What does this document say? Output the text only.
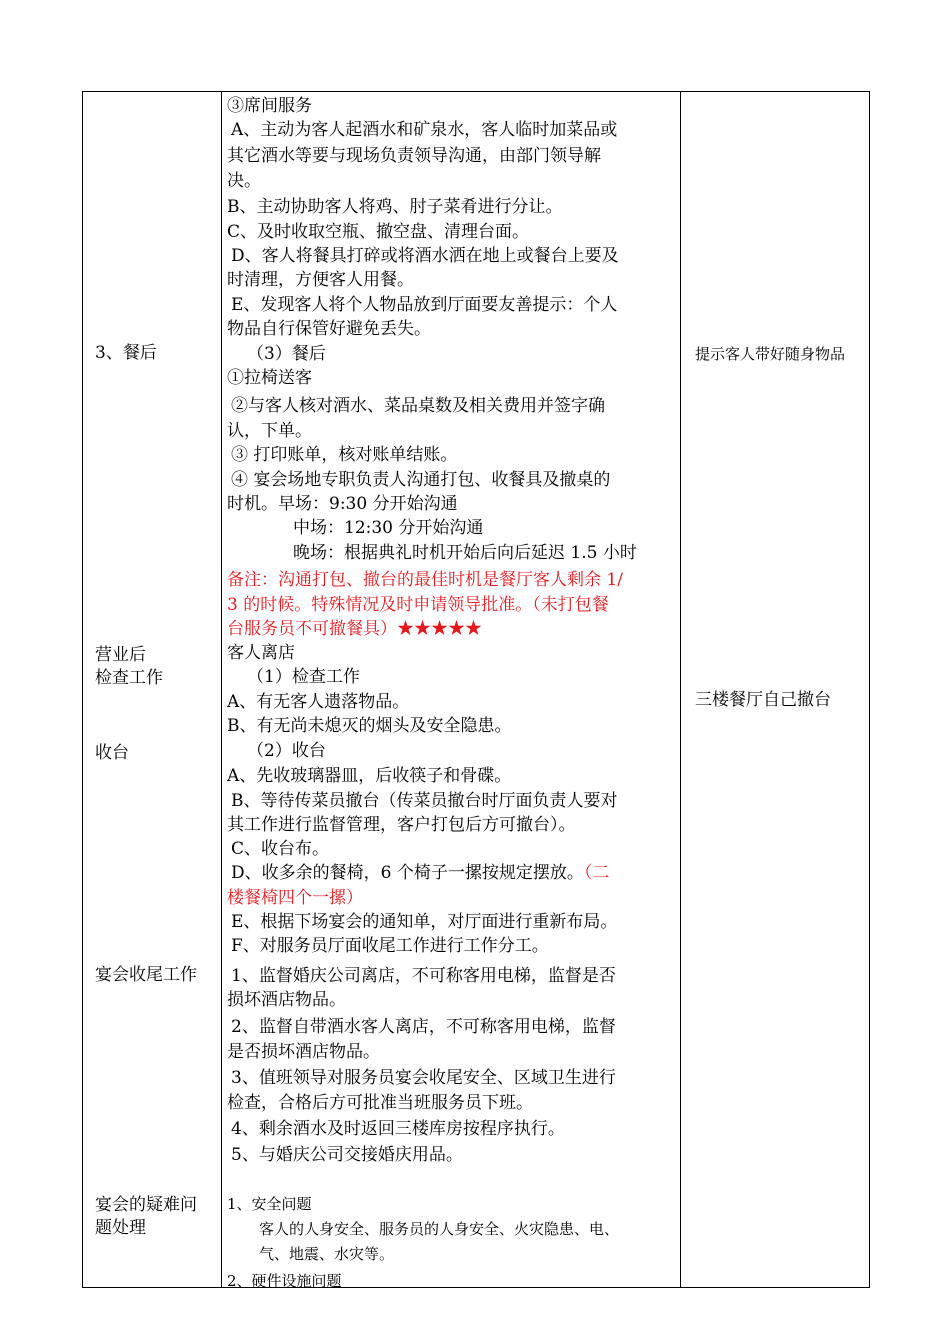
3、餐后
营业后
检查工作
收台
宴会收尾工作
宴会的疑难问
题处理
③席间服务
A、主动为客人起酒水和矿泉水，客人临时加菜品或
其它酒水等要与现场负责领导沟通，由部门领导解
决。
B、主动协助客人将鸡、肘子菜肴进行分让。
C、及时收取空瓶、撤空盘、清理台面。
D、客人将餐具打碎或将酒水洒在地上或餐台上要及
时清理，方便客人用餐。
E、发现客人将个人物品放到厅面要友善提示：个人
物品自行保管好避免丢失。
（3）餐后
①拉椅送客
②与客人核对酒水、菜品桌数及相关费用并签字确
认，下单。
③ 打印账单，核对账单结账。
④ 宴会场地专职负责人沟通打包、收餐具及撤桌的
时机。早场：9:30 分开始沟通
中场：12:30 分开始沟通
晚场：根据典礼时机开始后向后延迟 1.5 小时
备注：沟通打包、撤台的最佳时机是餐厅客人剩余 1/
3 的时候。特殊情况及时申请领导批准。（未打包餐
台服务员不可撤餐具）★★★★★
客人离店
（1）检查工作
A、有无客人遗落物品。
B、有无尚未熄灭的烟头及安全隐患。
（2）收台
A、先收玻璃器皿，后收筷子和骨碟。
B、等待传菜员撤台（传菜员撤台时厅面负责人要对
其工作进行监督管理，客户打包后方可撤台）。
C、收台布。
D、收多余的餐椅，6 个椅子一摞按规定摆放。（二
楼餐椅四个一摞）
E、根据下场宴会的通知单，对厅面进行重新布局。
F、对服务员厅面收尾工作进行工作分工。
1、监督婚庆公司离店，不可称客用电梯，监督是否
损坏酒店物品。
2、监督自带酒水客人离店，不可称客用电梯，监督
是否损坏酒店物品。
3、值班领导对服务员宴会收尾安全、区域卫生进行
检查，合格后方可批准当班服务员下班。
4、剩余酒水及时返回三楼库房按程序执行。
5、与婚庆公司交接婚庆用品。
1、安全问题
客人的人身安全、服务员的人身安全、火灾隐患、电、
气、地震、水灾等。
2、硬件设施问题
提示客人带好随身物品
三楼餐厅自己撤台
